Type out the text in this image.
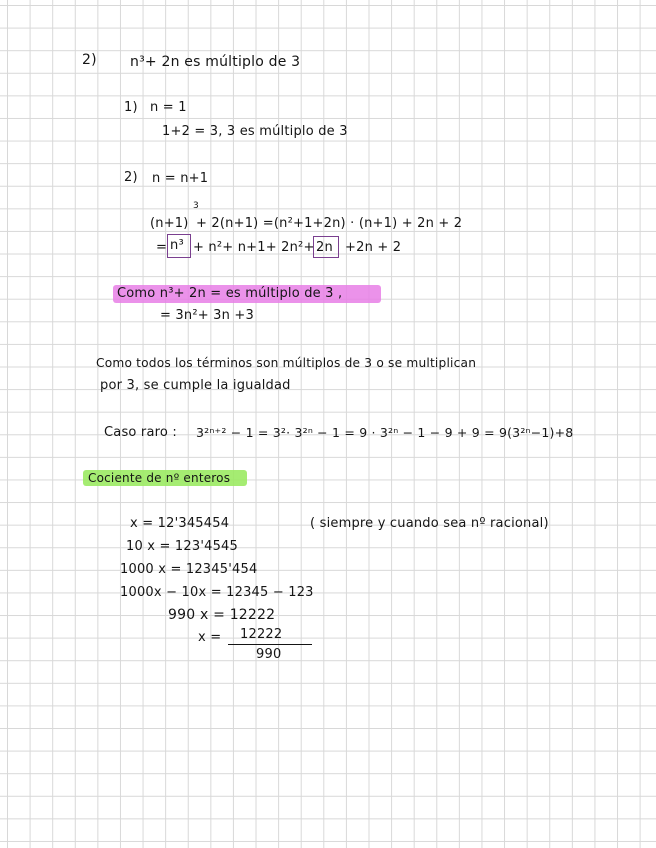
2) n³+ 2n es múltiplo de 3
1) n = 1
1+2 = 3, 3 es múltiplo de 3
2) n = n+1
(n+1)
3
+ 2(n+1) =(n²+1+2n) · (n+1) + 2n + 2
= n³ + n²+ n+1+ 2n²+ 2n +2n + 2
Como n³+ 2n = es múltiplo de 3 ,
= 3n²+ 3n +3
Como todos los términos son múltiplos de 3 o se multiplican
por 3, se cumple la igualdad
Caso raro : 3²ⁿ⁺² − 1 = 3²· 3²ⁿ − 1 = 9 · 3²ⁿ − 1 − 9 + 9 = 9(3²ⁿ−1)+8
Cociente de nº enteros
x = 12'345454	( siempre y cuando sea nº racional)
10 x = 123'4545
1000 x = 12345'454
1000x − 10x = 12345 − 123
990 x = 12222
x = 12222
990
